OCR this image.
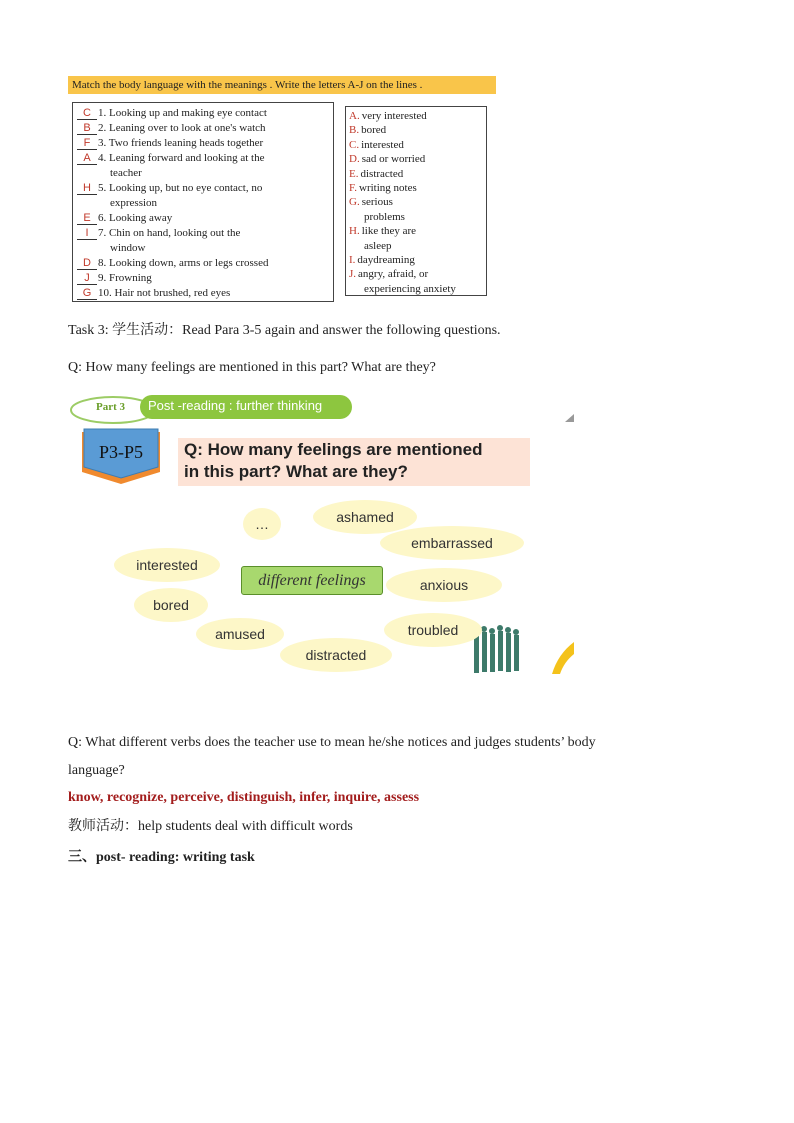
Match the body language with the meanings . Write the letters A-J on the lines .
C 1. Looking up and making eye contact
B 2. Leaning over to look at one's watch
F 3. Two friends leaning heads together
A 4. Leaning forward and looking at the
teacher
H 5. Looking up, but no eye contact, no
expression
E 6. Looking away
I 7. Chin on hand, looking out the
window
D 8. Looking down, arms or legs crossed
J 9. Frowning
G 10. Hair not brushed, red eyes
A. very interested
B. bored
C. interested
D. sad or worried
E. distracted
F. writing notes
G. serious
problems
H. like they are
asleep
I. daydreaming
J. angry, afraid, or
experiencing anxiety
Task 3: 学生活动：Read Para 3-5 again and answer the following questions.
Q: How many feelings are mentioned in this part? What are they?
Part 3 Post -reading : further thinking
P3-P5	Q: How many feelings are mentioned
in this part? What are they?
different feelings
…	ashamed
embarrassed
interested
anxious
bored
amused	troubled
distracted
Q: What different verbs does the teacher use to mean he/she notices and judges students’ body
language?
know, recognize, perceive, distinguish, infer, inquire, assess
教师活动：help students deal with difficult words
三、post- reading: writing task
